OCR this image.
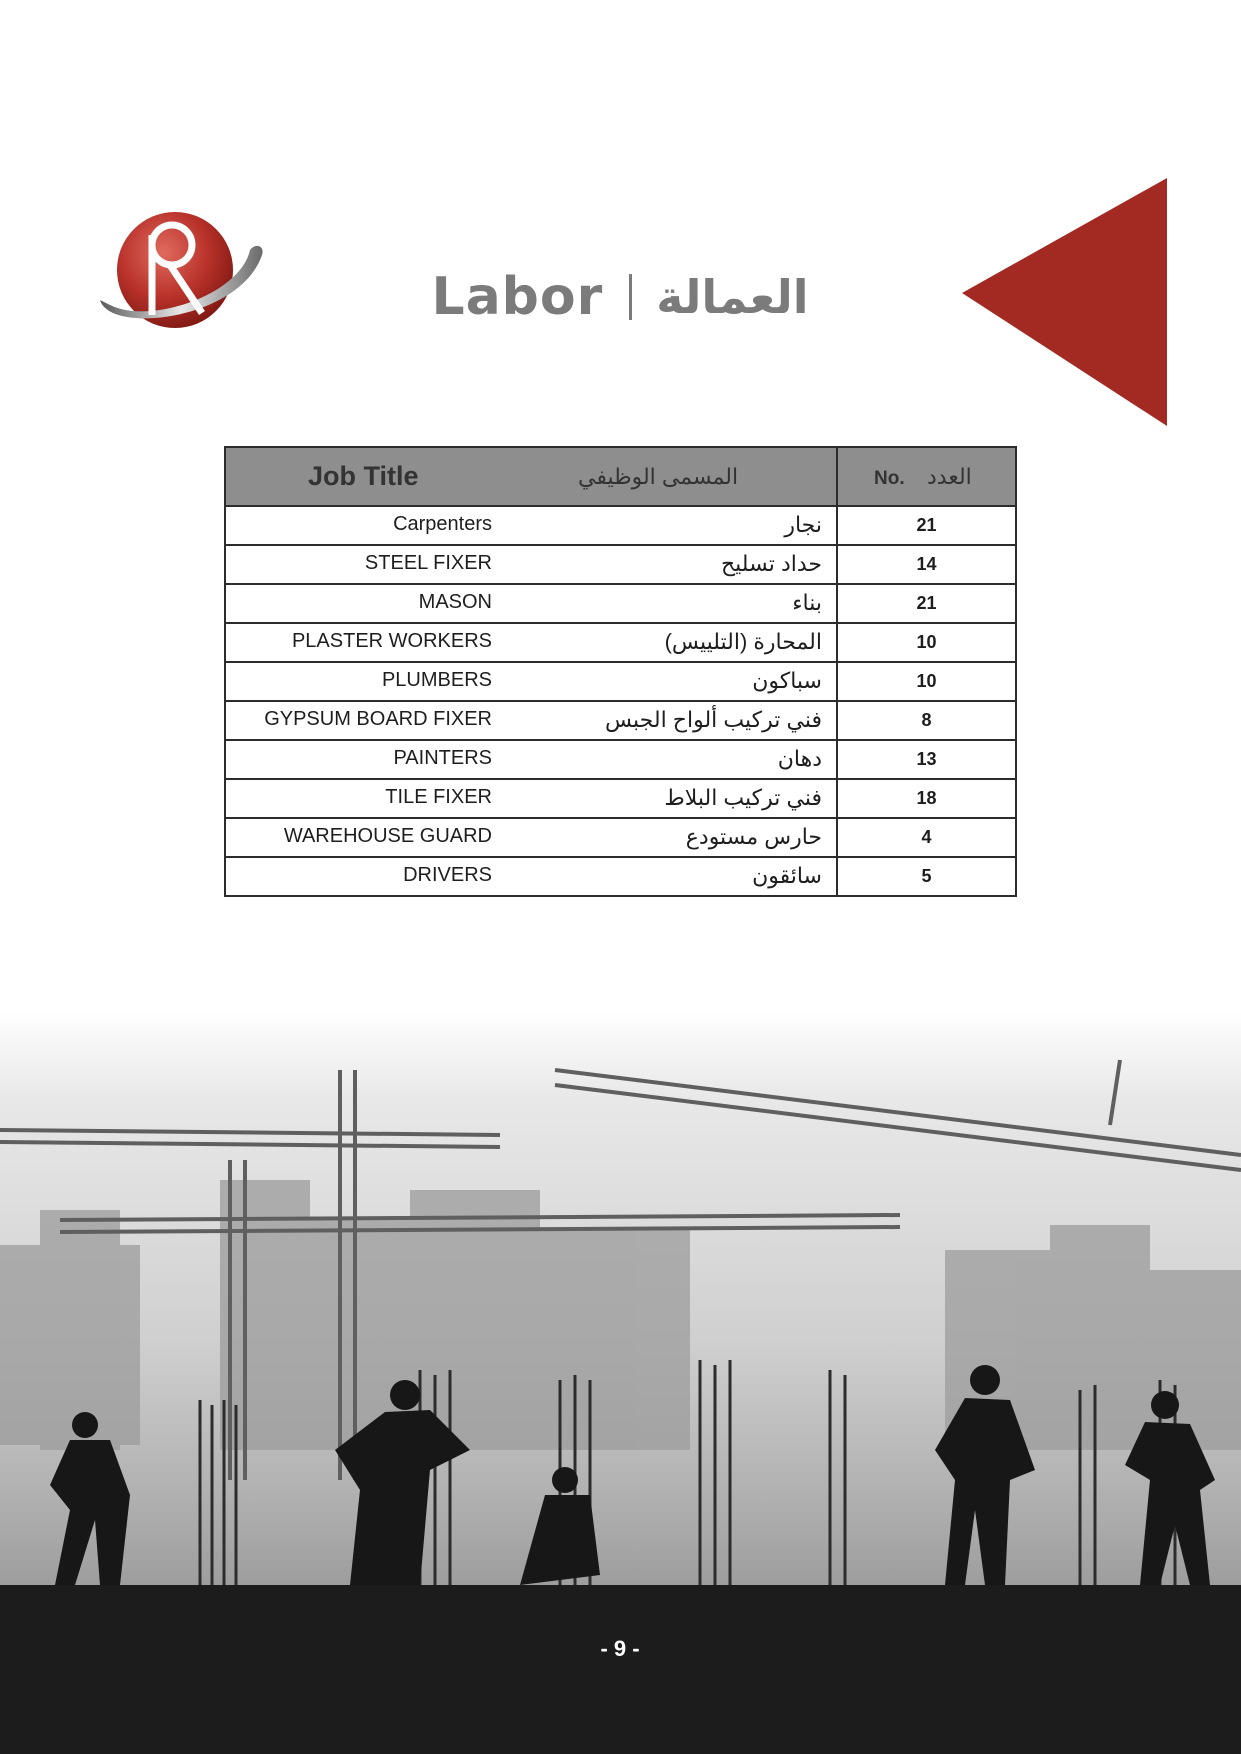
Labor العمالة
Job Title المسمى الوظيفي	No. العدد

Carpenters نجار	21

STEEL FIXER حداد تسليح	14

MASON بناء	21

PLASTER WORKERS المحارة (التلييس)	10

PLUMBERS سباكون	10

GYPSUM BOARD FIXER فني تركيب ألواح الجبس	8

PAINTERS دهان	13

TILE FIXER فني تركيب البلاط	18

WAREHOUSE GUARD حارس مستودع	4

DRIVERS سائقون	5
- 9 -
